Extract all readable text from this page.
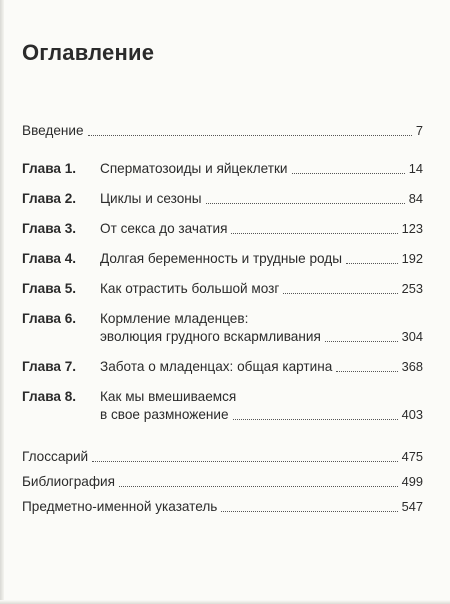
Оглавление
Введение	7
Глава 1.	Сперматозоиды и яйцеклетки	14
Глава 2.	Циклы и сезоны	84
Глава 3.	От секса до зачатия	123
Глава 4.	Долгая беременность и трудные роды	192
Глава 5.	Как отрастить большой мозг	253
Глава 6.	Кормление младенцев:
эволюция грудного вскармливания	304
Глава 7.	Забота о младенцах: общая картина	368
Глава 8.	Как мы вмешиваемся
в свое размножение	403
Глоссарий	475
Библиография	499
Предметно-именной указатель	547
